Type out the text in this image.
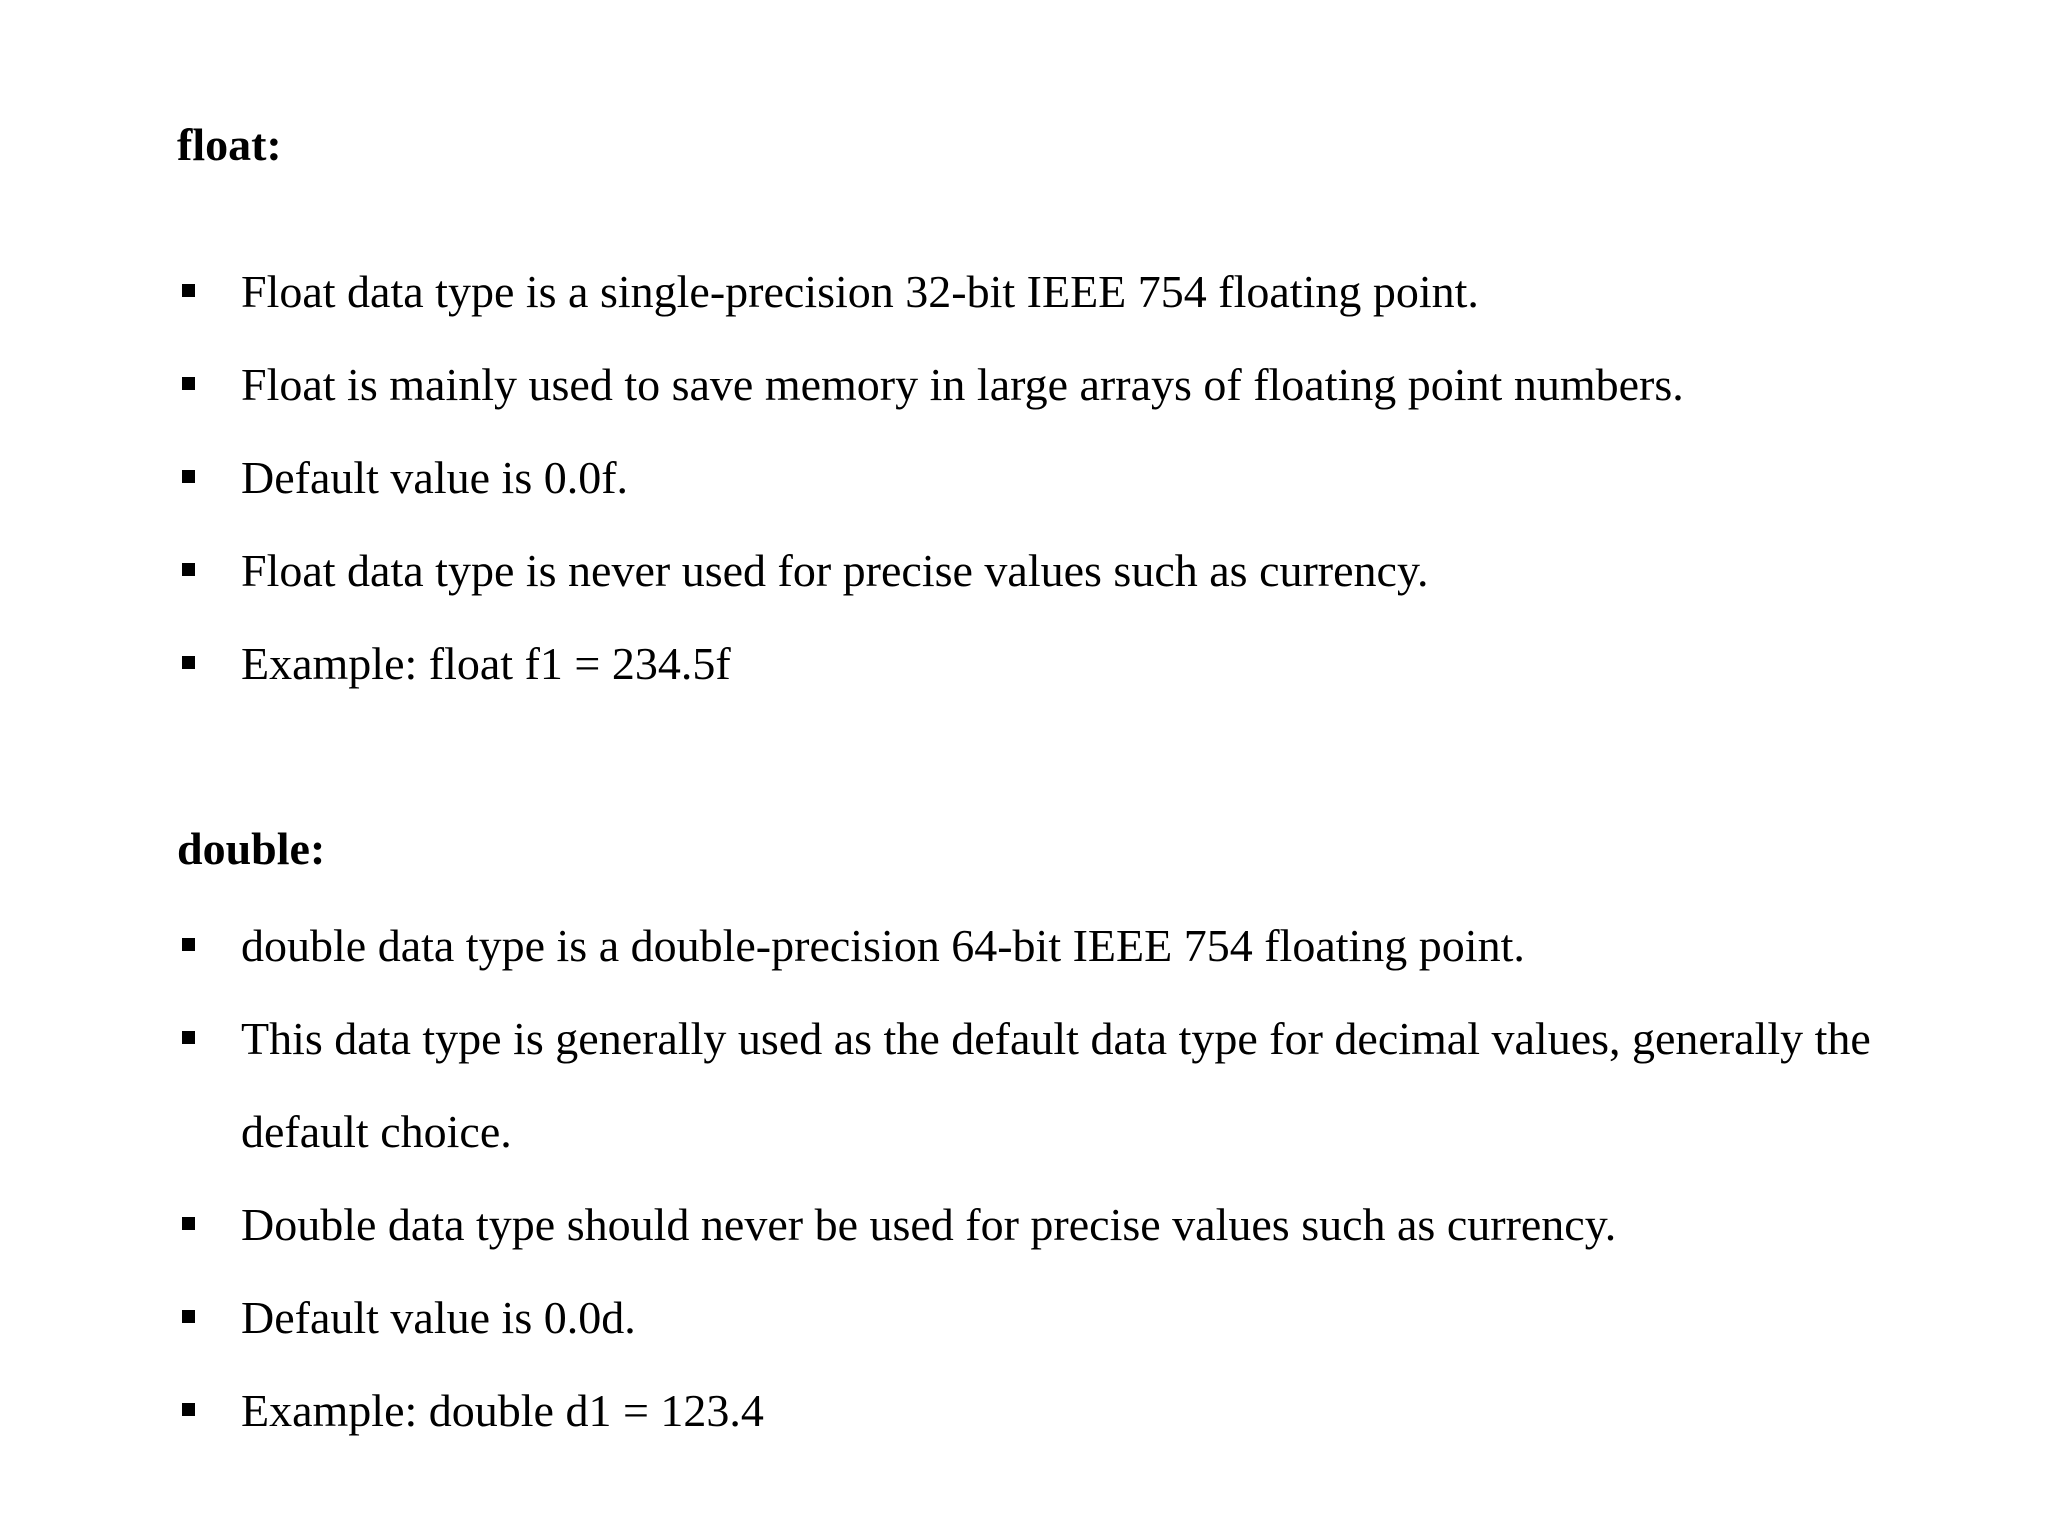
float:
Float data type is a single-precision 32-bit IEEE 754 floating point.
Float is mainly used to save memory in large arrays of floating point numbers.
Default value is 0.0f.
Float data type is never used for precise values such as currency.
Example: float f1 = 234.5f
double:
double data type is a double-precision 64-bit IEEE 754 floating point.
This data type is generally used as the default data type for decimal values, generally the default choice.
Double data type should never be used for precise values such as currency.
Default value is 0.0d.
Example: double d1 = 123.4
